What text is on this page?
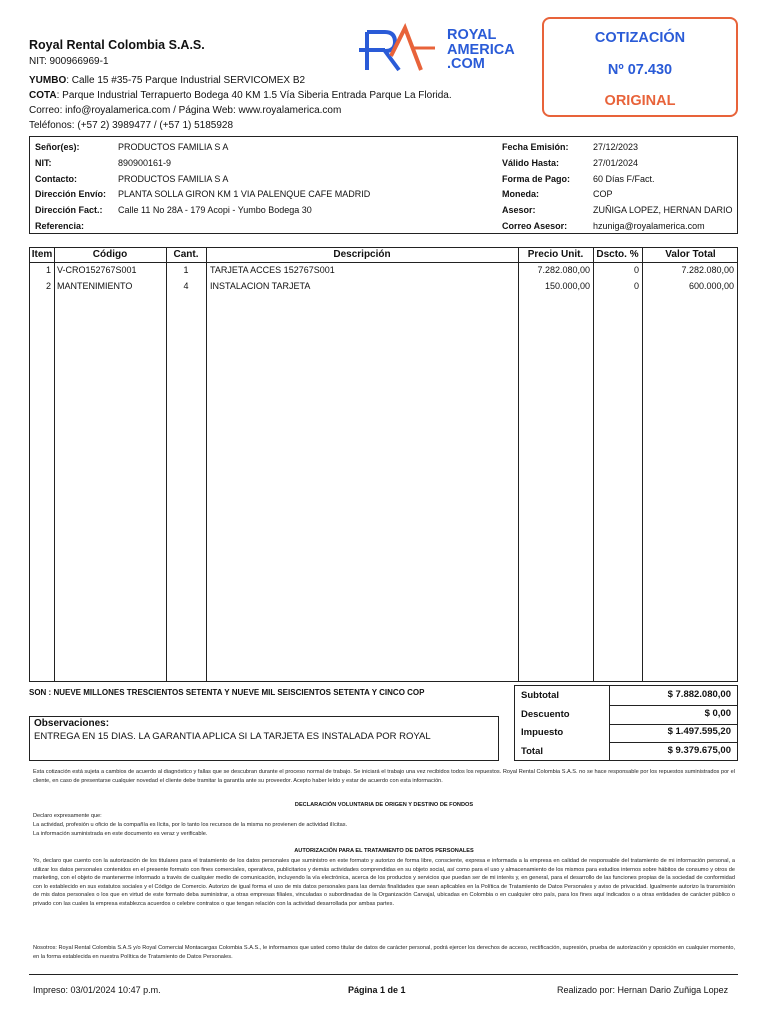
Royal Rental Colombia S.A.S.
NIT: 900966969-1
YUMBO: Calle 15 #35-75 Parque Industrial SERVICOMEX B2
COTA: Parque Industrial Terrapuerto Bodega 40 KM 1.5 Vía Siberia Entrada Parque La Florida.
Correo: info@royalamerica.com / Página Web: www.royalamerica.com
Teléfonos: (+57 2) 3989477 / (+57 1) 5185928
ROYAL
AMERICA
.COM
COTIZACIÓN
Nº 07.430
ORIGINAL
Señor(es):	PRODUCTOS FAMILIA S A
NIT:	890900161-9
Contacto:	PRODUCTOS FAMILIA S A
Dirección Envío: PLANTA SOLLA GIRON KM 1 VIA PALENQUE CAFE MADRID
Dirección Fact.: Calle 11 No 28A - 179 Acopi - Yumbo Bodega 30
Referencia:
Fecha Emisión:	27/12/2023
Válido Hasta:	27/01/2024
Forma de Pago:	60 Días F/Fact.
Moneda:	COP
Asesor:	ZUÑIGA LOPEZ, HERNAN DARIO
Correo Asesor:	hzuniga@royalamerica.com
Item	Código	Cant.	Descripción	Precio Unit.	Dscto. %	Valor Total
1 V-CRO152767S001	1	TARJETA ACCES 152767S001	7.282.080,00	0	7.282.080,00
2 MANTENIMIENTO	4	INSTALACION TARJETA	150.000,00	0	600.000,00
SON : NUEVE MILLONES TRESCIENTOS SETENTA Y NUEVE MIL SEISCIENTOS SETENTA Y CINCO COP
Observaciones:
ENTREGA EN 15 DIAS. LA GARANTIA APLICA SI LA TARJETA ES INSTALADA POR ROYAL
Subtotal	$ 7.882.080,00
Descuento	$ 0,00
Impuesto	$ 1.497.595,20
Total	$ 9.379.675,00
Esta cotización está sujeta a cambios de acuerdo al diagnóstico y fallas que se descubran durante el proceso normal de trabajo. Se iniciará el trabajo una vez recibidos todos los repuestos. Royal Rental Colombia S.A.S. no se hace responsable por los repuestos suministrados por el cliente, en caso de presentarse cualquier novedad el cliente debe tramitar la garantía ante su proveedor. Acepto haber leído y estar de acuerdo con esta información.
DECLARACIÓN VOLUNTARIA DE ORIGEN Y DESTINO DE FONDOS
Declaro expresamente que:
La actividad, profesión u oficio de la compañía es lícita, por lo tanto los recursos de la misma no provienen de actividad ilícitas.
La información suministrada en este documento es veraz y verificable.
AUTORIZACIÓN PARA EL TRATAMIENTO DE DATOS PERSONALES
Yo, declaro que cuento con la autorización de los titulares para el tratamiento de los datos personales que suministro en este formato y autorizo de forma libre, consciente, expresa e informada a la empresa en calidad de responsable del tratamiento de mi información personal, a utilizar los datos personales contenidos en el presente formato con fines comerciales, operativos, publicitarios y demás actividades comprendidas en su objeto social, así como para el uso y almacenamiento de los mismos para estudios internos sobre hábitos de consumo y otros de marketing, con el objeto de mantenerme informado a través de cualquier medio de comunicación, incluyendo la vía electrónica, acerca de los productos y servicios que puedan ser de mi interés y, en general, para el desarrollo de las funciones propias de la sociedad de conformidad con lo establecido en sus estatutos sociales y el Código de Comercio. Autorizo de igual forma el uso de mis datos personales para las demás finalidades que sean aplicables en la Política de Tratamiento de Datos Personales y aviso de privacidad. Igualmente autorizo la transmisión de mis datos personales o los que en virtud de este formato deba suministrar, a otras empresas filiales, vinculadas o subordinadas de la Organización Carvajal, ubicadas en Colombia o en cualquier otro país, para los fines aquí indicados o a otras entidades de carácter público o privado con las cuales la empresa establezca acuerdos o celebre contratos o que tengan relación con la actividad desarrollada por ambas partes.
Nosotros: Royal Rental Colombia S.A.S y/o Royal Comercial Montacargas Colombia S.A.S., le informamos que usted como titular de datos de carácter personal, podrá ejercer los derechos de acceso, rectificación, supresión, prueba de autorización y oposición en cualquier momento, en la forma establecida en nuestra Política de Tratamiento de Datos Personales.
Impreso: 03/01/2024 10:47 p.m.	Página 1 de 1	Realizado por: Hernan Dario Zuñiga Lopez
